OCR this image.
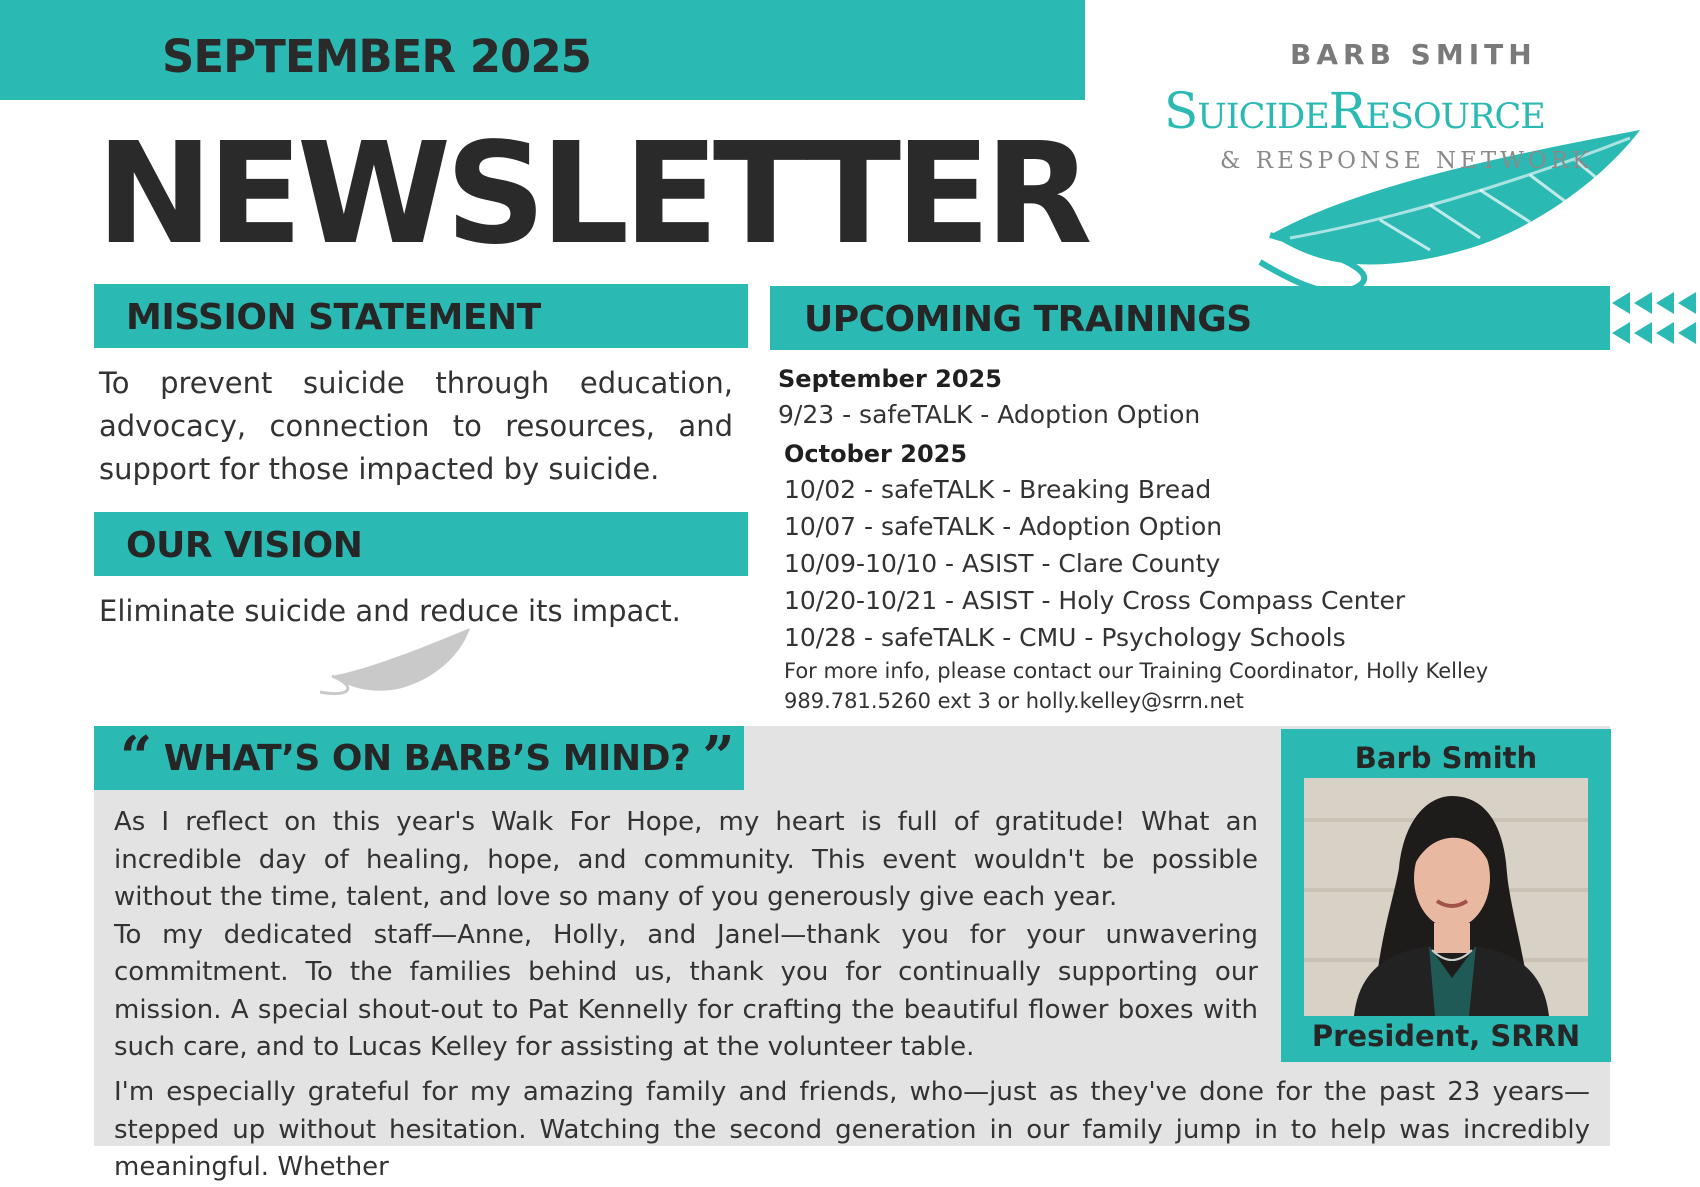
SEPTEMBER 2025
NEWSLETTER
BARB SMITH
SuicideResource
& RESPONSE NETWORK
MISSION STATEMENT
To prevent suicide through education, advocacy, connection to resources, and support for those impacted by suicide.
OUR VISION
Eliminate suicide and reduce its impact.
UPCOMING TRAININGS
September 2025
9/23 - safeTALK - Adoption Option
October 2025
10/02 - safeTALK - Breaking Bread
10/07 - safeTALK - Adoption Option
10/09-10/10 - ASIST - Clare County
10/20-10/21 - ASIST - Holy Cross Compass Center
10/28 - safeTALK - CMU - Psychology Schools
For more info, please contact our Training Coordinator, Holly Kelley
989.781.5260 ext 3 or holly.kelley@srrn.net
“ WHAT’S ON BARB’S MIND? ”

As I reflect on this year's Walk For Hope, my heart is full of gratitude! What an incredible day of healing, hope, and community. This event wouldn't be possible without the time, talent, and love so many of you generously give each year.

To my dedicated staff—Anne, Holly, and Janel—thank you for your unwavering commitment. To the families behind us, thank you for continually supporting our mission. A special shout-out to Pat Kennelly for crafting the beautiful flower boxes with such care, and to Lucas Kelley for assisting at the volunteer table.

I'm especially grateful for my amazing family and friends, who—just as they've done for the past 23 years—stepped up without hesitation. Watching the second generation in our family jump in to help was incredibly meaningful. Whether
Barb Smith
President, SRRN
